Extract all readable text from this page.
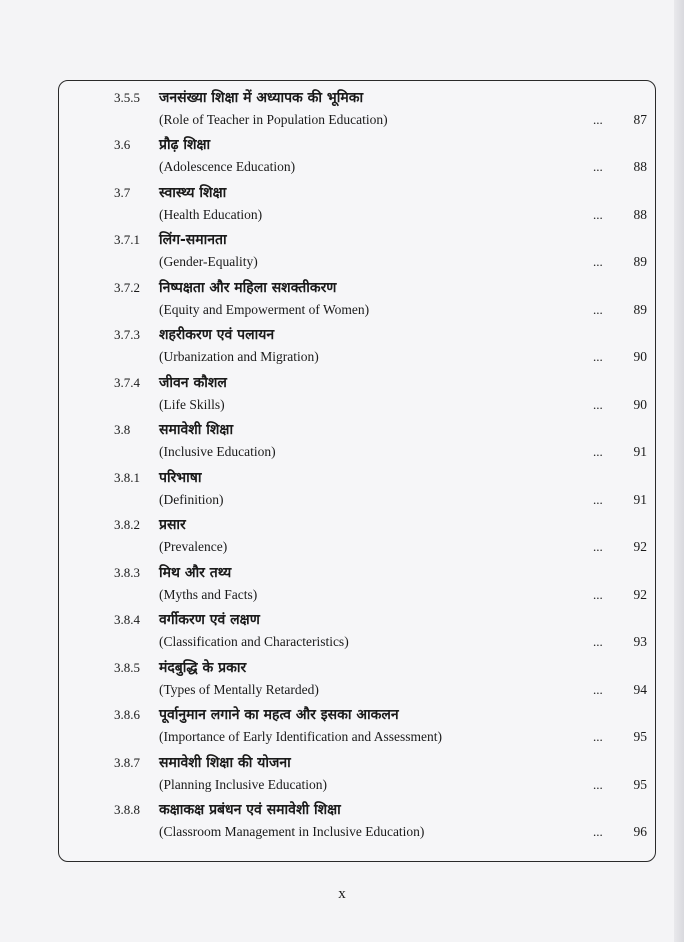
3.5.5 जनसंख्या शिक्षा में अध्यापक की भूमिका
(Role of Teacher in Population Education)	... 87
3.6 प्रौढ़ शिक्षा
(Adolescence Education)	... 88
3.7 स्वास्थ्य शिक्षा
(Health Education)	... 88
3.7.1 लिंग-समानता
(Gender-Equality)	... 89
3.7.2 निष्पक्षता और महिला सशक्तीकरण
(Equity and Empowerment of Women)	... 89
3.7.3 शहरीकरण एवं पलायन
(Urbanization and Migration)	... 90
3.7.4 जीवन कौशल
(Life Skills)	... 90
3.8 समावेशी शिक्षा
(Inclusive Education)	... 91
3.8.1 परिभाषा
(Definition)	... 91
3.8.2 प्रसार
(Prevalence)	... 92
3.8.3 मिथ और तथ्य
(Myths and Facts)	... 92
3.8.4 वर्गीकरण एवं लक्षण
(Classification and Characteristics)	... 93
3.8.5 मंदबुद्धि के प्रकार
(Types of Mentally Retarded)	... 94
3.8.6 पूर्वानुमान लगाने का महत्व और इसका आकलन
(Importance of Early Identification and Assessment)	... 95
3.8.7 समावेशी शिक्षा की योजना
(Planning Inclusive Education)	... 95
3.8.8 कक्षाकक्ष प्रबंधन एवं समावेशी शिक्षा
(Classroom Management in Inclusive Education)	... 96
x
